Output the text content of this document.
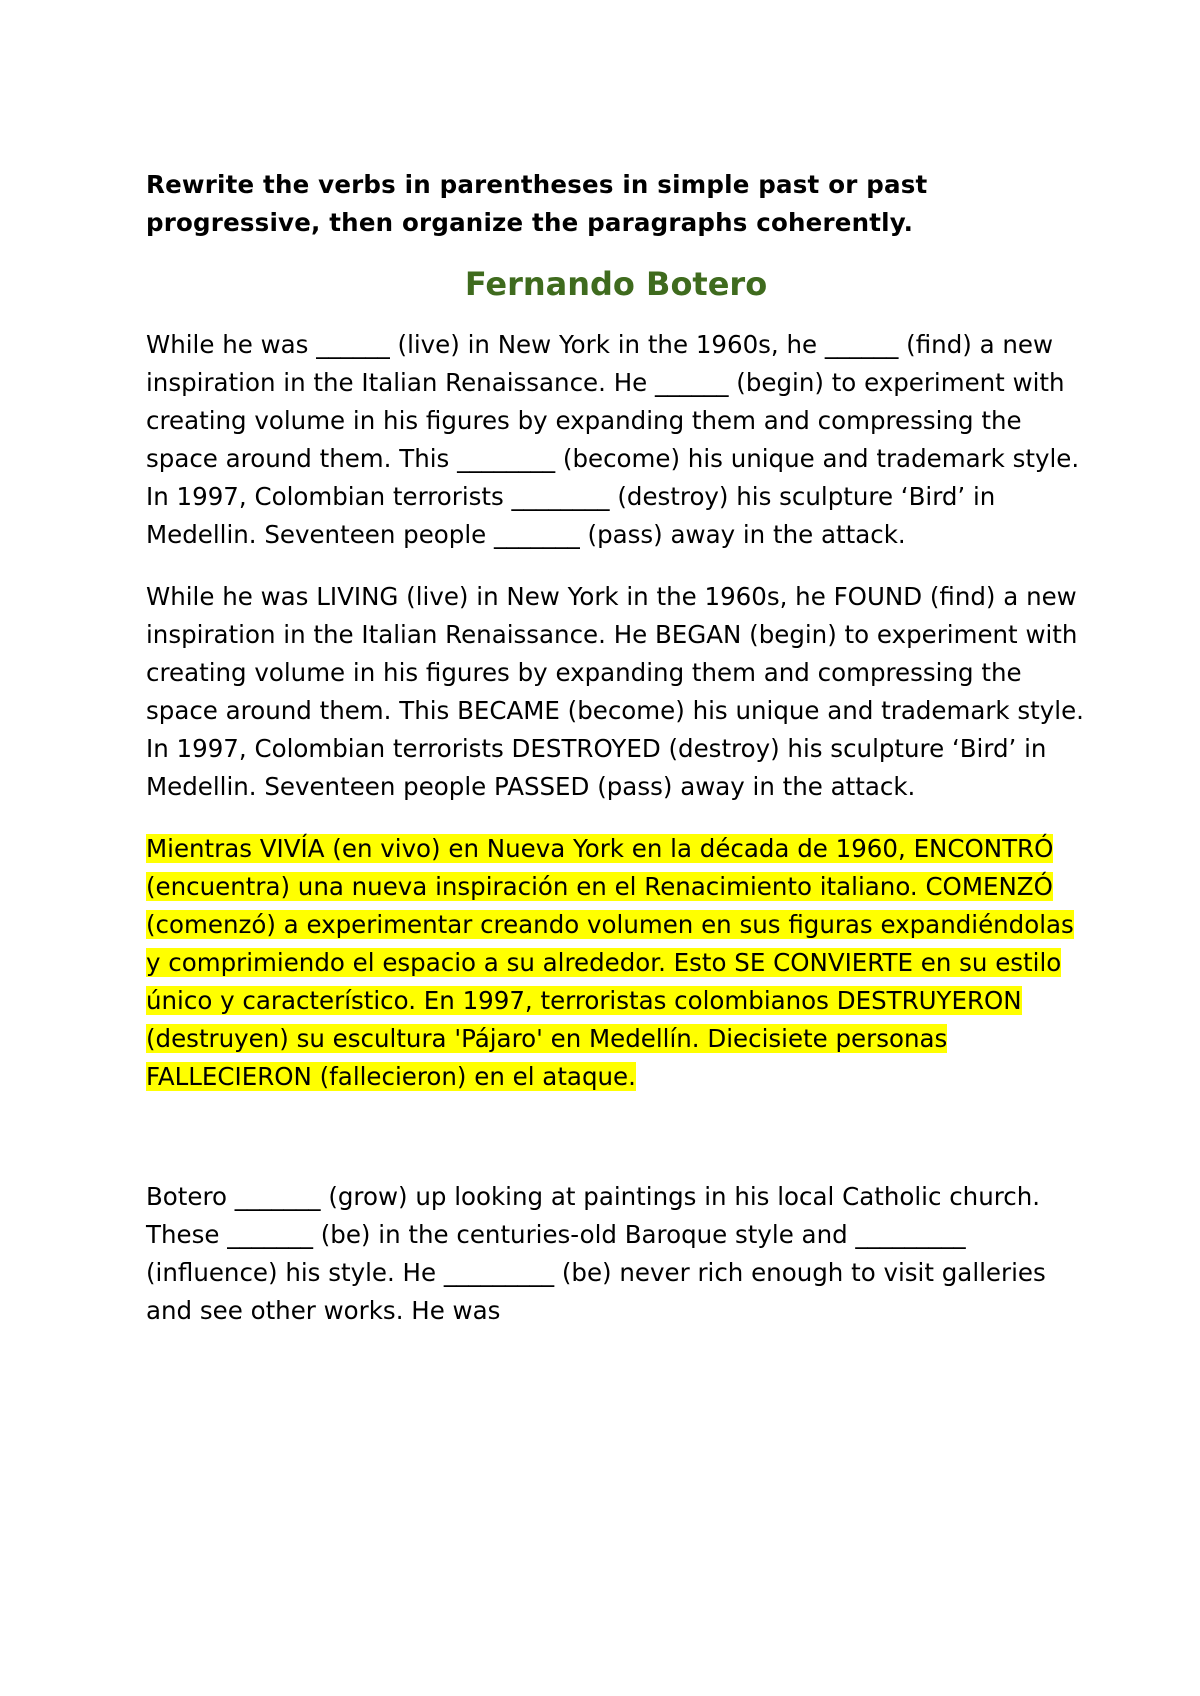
Rewrite the verbs in parentheses in simple past or past progressive, then organize the paragraphs coherently.

Fernando Botero

While he was ______ (live) in New York in the 1960s, he ______ (find) a new inspiration in the Italian Renaissance. He ______ (begin) to experiment with creating volume in his figures by expanding them and compressing the space around them. This ________ (become) his unique and trademark style. In 1997, Colombian terrorists ________ (destroy) his sculpture ‘Bird’ in Medellin. Seventeen people _______ (pass) away in the attack.

While he was LIVING (live) in New York in the 1960s, he FOUND (find) a new inspiration in the Italian Renaissance. He BEGAN (begin) to experiment with creating volume in his figures by expanding them and compressing the space around them. This BECAME (become) his unique and trademark style. In 1997, Colombian terrorists DESTROYED (destroy) his sculpture ‘Bird’ in Medellin. Seventeen people PASSED (pass) away in the attack.

Mientras VIVÍA (en vivo) en Nueva York en la década de 1960, ENCONTRÓ (encuentra) una nueva inspiración en el Renacimiento italiano. COMENZÓ (comenzó) a experimentar creando volumen en sus figuras expandiéndolas y comprimiendo el espacio a su alrededor. Esto SE CONVIERTE en su estilo único y característico. En 1997, terroristas colombianos DESTRUYERON (destruyen) su escultura 'Pájaro' en Medellín. Diecisiete personas FALLECIERON (fallecieron) en el ataque.

Botero _______ (grow) up looking at paintings in his local Catholic church. These _______ (be) in the centuries-old Baroque style and _________ (influence) his style. He _________ (be) never rich enough to visit galleries and see other works. He was
